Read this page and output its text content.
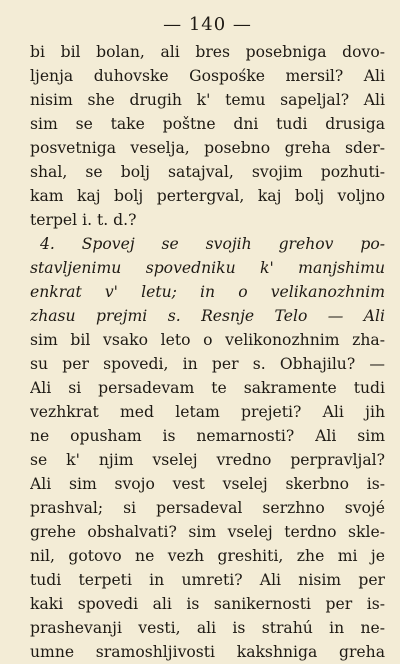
— 140 —
bi bil bolan, ali bres posebniga dovo-
ljenja duhovske Gospośke mersil? Ali
nisim she drugih k' temu sapeljal? Ali
sim se take poštne dni tudi drusiga
posvetniga veselja, posebno greha sder-
shal, se bolj satajval, svojim pozhuti-
kam kaj bolj pertergval, kaj bolj voljno
terpel i. t. d.?
4. Spovej se svojih grehov po-
stavljenimu spovedniku k' manjshimu
enkrat v' letu; in o velikanozhnim
zhasu prejmi s. Resnje Telo — Ali
sim bil vsako leto o velikonozhnim zha-
su per spovedi, in per s. Obhajilu? —
Ali si persadevam te sakramente tudi
vezhkrat med letam prejeti? Ali jih
ne opusham is nemarnosti? Ali sim
se k' njim vselej vredno perpravljal?
Ali sim svojo vest vselej skerbno is-
prashval; si persadeval serzhno svojé
grehe obshalvati? sim vselej terdno skle-
nil, gotovo ne vezh greshiti, zhe mi je
tudi terpeti in umreti? Ali nisim per
kaki spovedi ali is sanikernosti per is-
prashevanji vesti, ali is strahú in ne-
umne sramoshljivosti kakshniga greha
